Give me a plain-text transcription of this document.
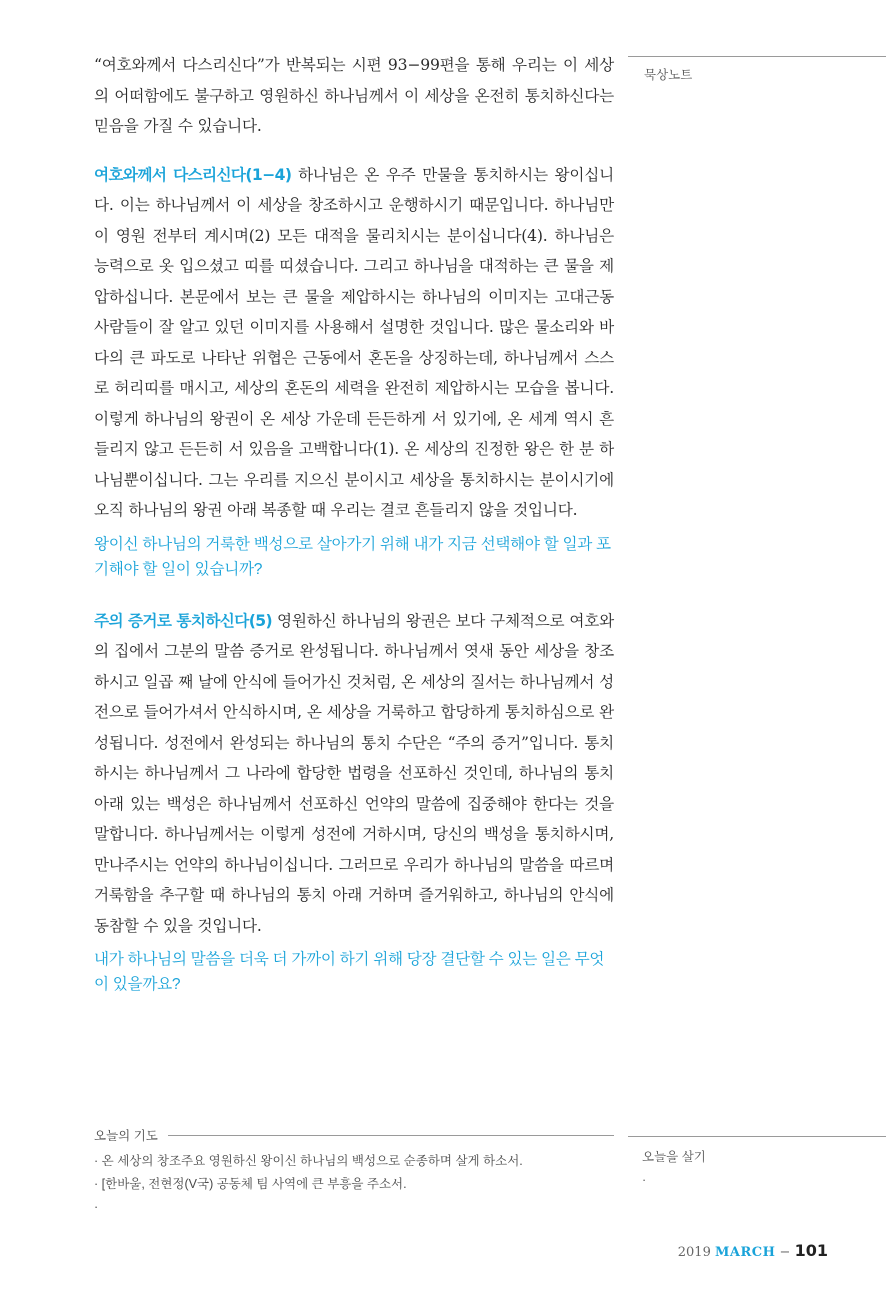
“여호와께서 다스리신다”가 반복되는 시편 93−99편을 통해 우리는 이 세상의 어떠함에도 불구하고 영원하신 하나님께서 이 세상을 온전히 통치하신다는 믿음을 가질 수 있습니다.

여호와께서 다스리신다(1−4) 하나님은 온 우주 만물을 통치하시는 왕이십니다. 이는 하나님께서 이 세상을 창조하시고 운행하시기 때문입니다. 하나님만이 영원 전부터 계시며(2) 모든 대적을 물리치시는 분이십니다(4). 하나님은 능력으로 옷 입으셨고 띠를 띠셨습니다. 그리고 하나님을 대적하는 큰 물을 제압하십니다. 본문에서 보는 큰 물을 제압하시는 하나님의 이미지는 고대근동 사람들이 잘 알고 있던 이미지를 사용해서 설명한 것입니다. 많은 물소리와 바다의 큰 파도로 나타난 위협은 근동에서 혼돈을 상징하는데, 하나님께서 스스로 허리띠를 매시고, 세상의 혼돈의 세력을 완전히 제압하시는 모습을 봅니다. 이렇게 하나님의 왕권이 온 세상 가운데 든든하게 서 있기에, 온 세계 역시 흔들리지 않고 든든히 서 있음을 고백합니다(1). 온 세상의 진정한 왕은 한 분 하나님뿐이십니다. 그는 우리를 지으신 분이시고 세상을 통치하시는 분이시기에 오직 하나님의 왕권 아래 복종할 때 우리는 결코 흔들리지 않을 것입니다.

왕이신 하나님의 거룩한 백성으로 살아가기 위해 내가 지금 선택해야 할 일과 포기해야 할 일이 있습니까?

주의 증거로 통치하신다(5) 영원하신 하나님의 왕권은 보다 구체적으로 여호와의 집에서 그분의 말씀 증거로 완성됩니다. 하나님께서 엿새 동안 세상을 창조하시고 일곱 째 날에 안식에 들어가신 것처럼, 온 세상의 질서는 하나님께서 성전으로 들어가셔서 안식하시며, 온 세상을 거룩하고 합당하게 통치하심으로 완성됩니다. 성전에서 완성되는 하나님의 통치 수단은 “주의 증거”입니다. 통치하시는 하나님께서 그 나라에 합당한 법령을 선포하신 것인데, 하나님의 통치 아래 있는 백성은 하나님께서 선포하신 언약의 말씀에 집중해야 한다는 것을 말합니다. 하나님께서는 이렇게 성전에 거하시며, 당신의 백성을 통치하시며, 만나주시는 언약의 하나님이십니다. 그러므로 우리가 하나님의 말씀을 따르며 거룩함을 추구할 때 하나님의 통치 아래 거하며 즐거워하고, 하나님의 안식에 동참할 수 있을 것입니다.

내가 하나님의 말씀을 더욱 더 가까이 하기 위해 당장 결단할 수 있는 일은 무엇이 있을까요?

묵상노트
오늘의 기도
· 온 세상의 창조주요 영원하신 왕이신 하나님의 백성으로 순종하며 살게 하소서.
· [한바울, 전현정(V국) 공동체 팀 사역에 큰 부흥을 주소서.
·
오늘을 살기
·
2019 MARCH − 101
